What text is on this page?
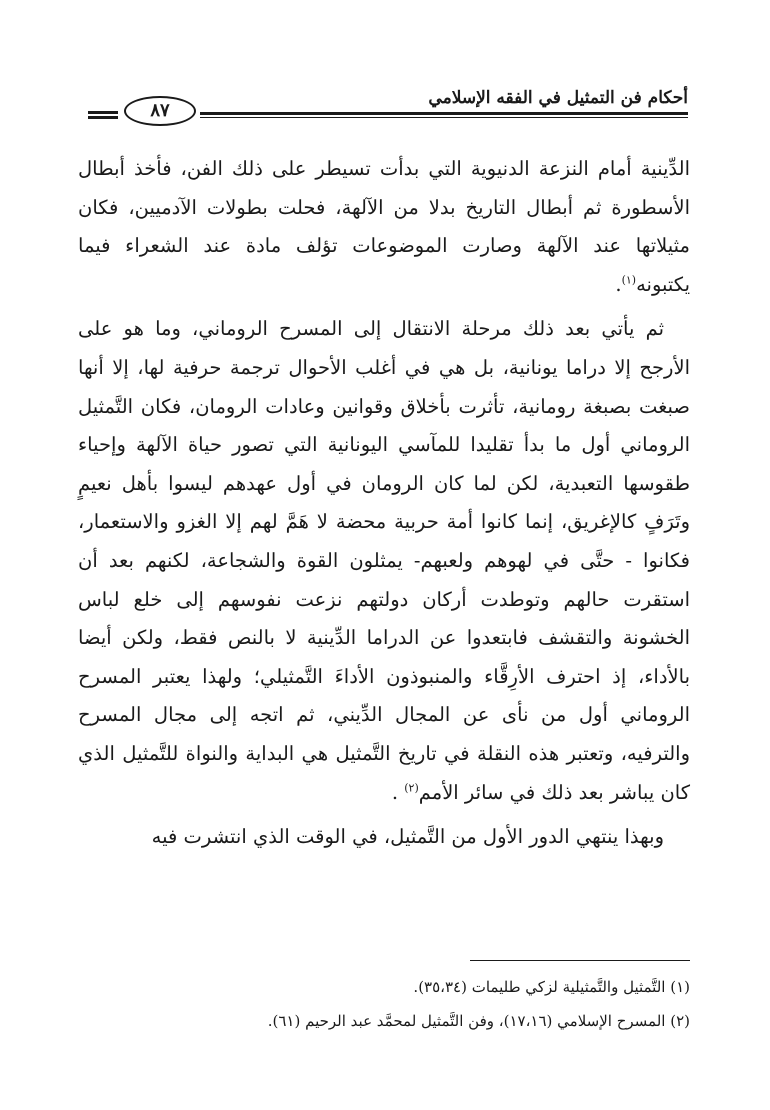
أحكام فن التمثيل في الفقه الإسلامي
٨٧

الدِّينية أمام النزعة الدنيوية التي بدأت تسيطر على ذلك الفن، فأخذ أبطال الأسطورة ثم أبطال التاريخ بدلا من الآلهة، فحلت بطولات الآدميين، فكان مثيلاتها عند الآلهة وصارت الموضوعات تؤلف مادة عند الشعراء فيما يكتبونه$^{(١)}$.

ثم يأتي بعد ذلك مرحلة الانتقال إلى المسرح الروماني، وما هو على الأرجح إلا دراما يونانية، بل هي في أغلب الأحوال ترجمة حرفية لها، إلا أنها صبغت بصبغة رومانية، تأثرت بأخلاق وقوانين وعادات الرومان، فكان التَّمثيل الروماني أول ما بدأ تقليدا للمآسي اليونانية التي تصور حياة الآلهة وإحياء طقوسها التعبدية، لكن لما كان الرومان في أول عهدهم ليسوا بأهل نعيمٍ وتَرَفٍ كالإغريق، إنما كانوا أمة حربية محضة لا هَمَّ لهم إلا الغزو والاستعمار، فكانوا - حتَّى في لهوهم ولعبهم- يمثلون القوة والشجاعة، لكنهم بعد أن استقرت حالهم وتوطدت أركان دولتهم نزعت نفوسهم إلى خلع لباس الخشونة والتقشف فابتعدوا عن الدراما الدِّينية لا بالنص فقط، ولكن أيضا بالأداء، إذ احترف الأرِقَّاء والمنبوذون الأداءَ التَّمثيلي؛ ولهذا يعتبر المسرح الروماني أول من نأى عن المجال الدِّيني، ثم اتجه إلى مجال المسرح والترفيه، وتعتبر هذه النقلة في تاريخ التَّمثيل هي البداية والنواة للتَّمثيل الذي كان يباشر بعد ذلك في سائر الأمم$^{(٢)}$ .

وبهذا ينتهي الدور الأول من التَّمثيل، في الوقت الذي انتشرت فيه

(١) التَّمثيل والتَّمثيلية لزكي طليمات (٣٥،٣٤).
(٢) المسرح الإسلامي (١٧،١٦)، وفن التَّمثيل لمحمَّد عبد الرحيم (٦١).
